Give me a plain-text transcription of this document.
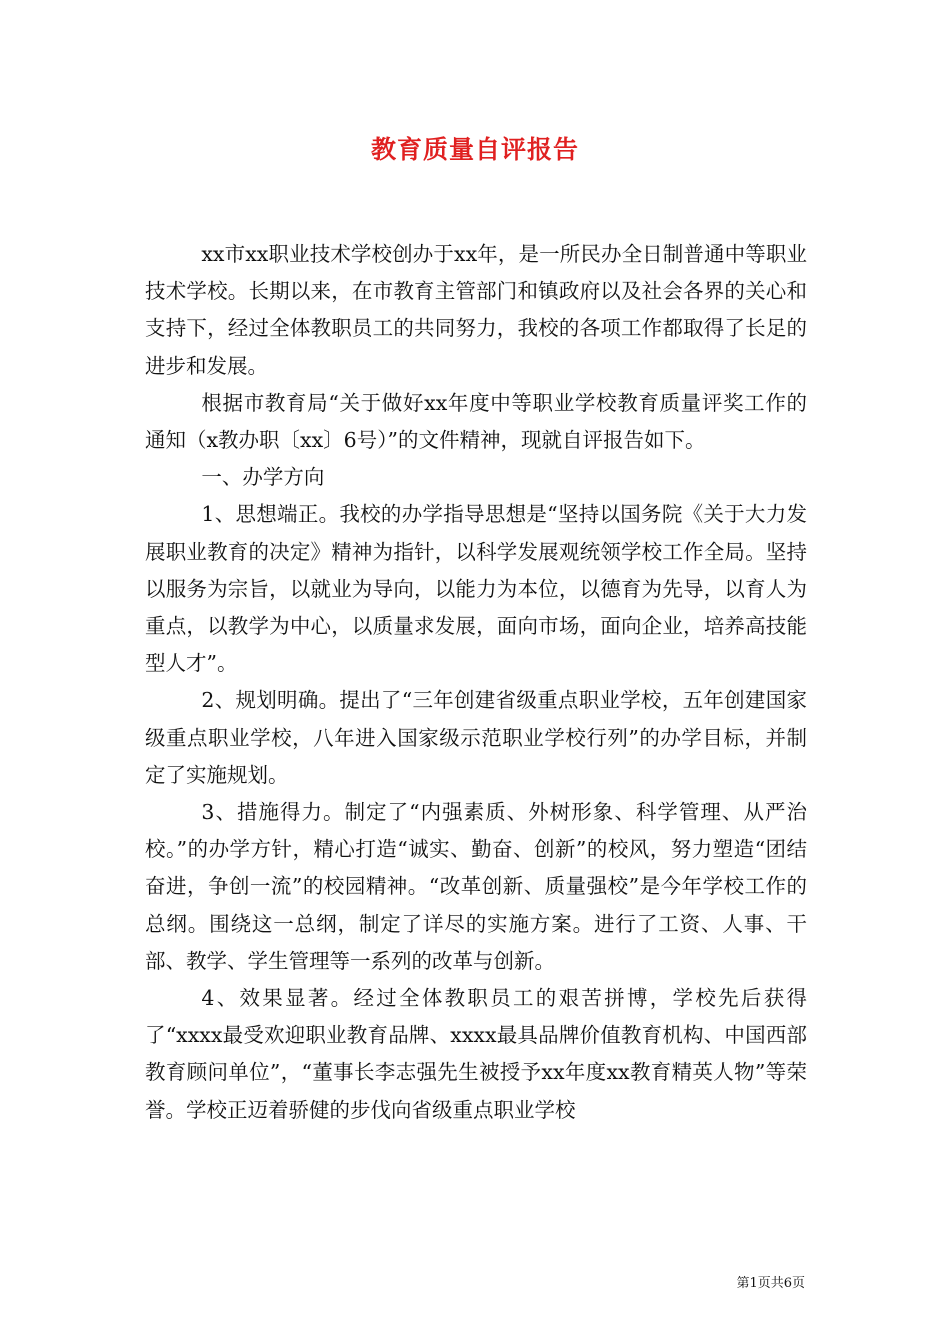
教育质量自评报告

xx市xx职业技术学校创办于xx年，是一所民办全日制普通中等职业技术学校。长期以来，在市教育主管部门和镇政府以及社会各界的关心和支持下，经过全体教职员工的共同努力，我校的各项工作都取得了长足的进步和发展。

根据市教育局“关于做好xx年度中等职业学校教育质量评奖工作的通知（x教办职〔xx〕6号）”的文件精神，现就自评报告如下。

一、办学方向

1、思想端正。我校的办学指导思想是“坚持以国务院《关于大力发展职业教育的决定》精神为指针，以科学发展观统领学校工作全局。坚持以服务为宗旨，以就业为导向，以能力为本位，以德育为先导，以育人为重点，以教学为中心，以质量求发展，面向市场，面向企业，培养高技能型人才”。

2、规划明确。提出了“三年创建省级重点职业学校，五年创建国家级重点职业学校，八年进入国家级示范职业学校行列”的办学目标，并制定了实施规划。

3、措施得力。制定了“内强素质、外树形象、科学管理、从严治校。”的办学方针，精心打造“诚实、勤奋、创新”的校风，努力塑造“团结奋进，争创一流”的校园精神。“改革创新、质量强校”是今年学校工作的总纲。围绕这一总纲，制定了详尽的实施方案。进行了工资、人事、干部、教学、学生管理等一系列的改革与创新。

4、效果显著。经过全体教职员工的艰苦拼博，学校先后获得了“xxxx最受欢迎职业教育品牌、xxxx最具品牌价值教育机构、中国西部教育顾问单位”，“董事长李志强先生被授予xx年度xx教育精英人物”等荣誉。学校正迈着骄健的步伐向省级重点职业学校

第1页共6页
